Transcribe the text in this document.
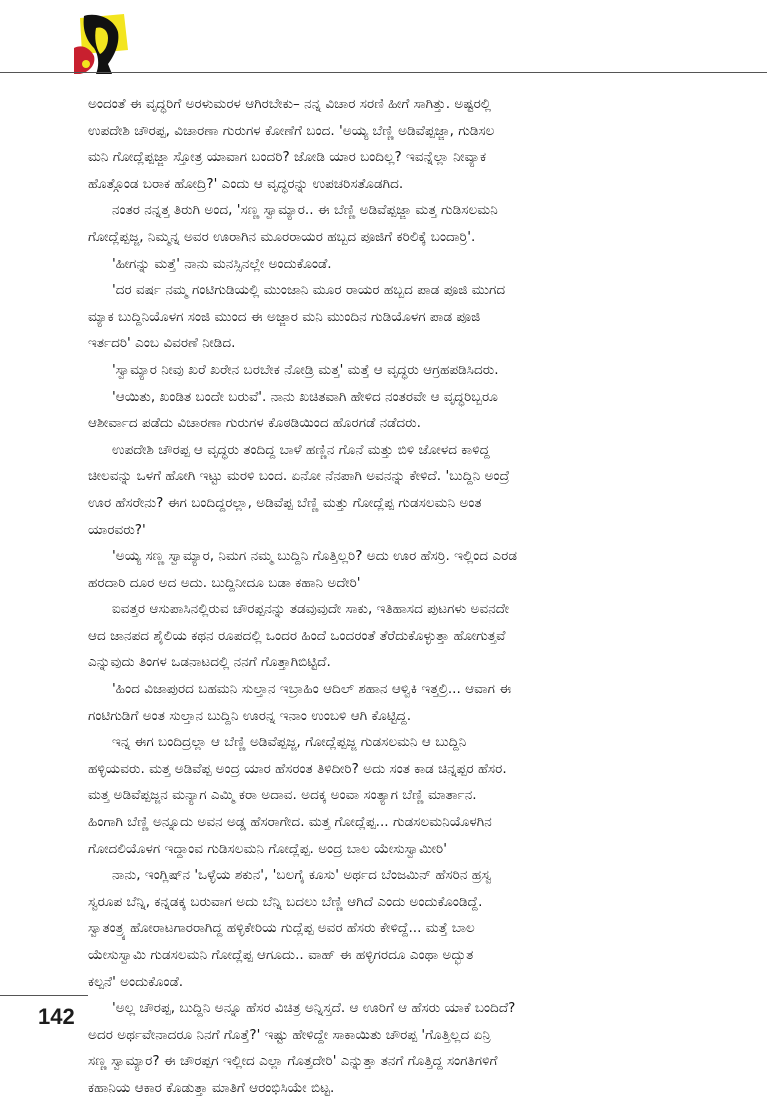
ಅಂದಂತೆ ಈ ವೃದ್ಧರಿಗೆ ಅರಳುಮರಳ ಆಗಿರಬೇಕು– ನನ್ನ ವಿಚಾರ ಸರಣಿ ಹೀಗೆ ಸಾಗಿತ್ತು. ಅಷ್ಟರಲ್ಲಿ
ಉಪದೇಶಿ ಚೌರಪ್ಪ, ವಿಚಾರಣಾ ಗುರುಗಳ ಕೋಣೆಗೆ ಬಂದ. 'ಅಯ್ಯ ಬೆಣ್ಣಿ ಅಡಿವೆಪ್ಪಜ್ಜಾ, ಗುಡಿಸಲ
ಮನಿ ಗೋದ್ಲೆಪ್ಪಜ್ಜಾ ಸ್ತೋತ್ರ ಯಾವಾಗ ಬಂದರಿ? ಜೋಡಿ ಯಾರ ಬಂದಿಲ್ಲ? ಇವನ್ನೆಲ್ಲಾ ನೀವ್ಯಾಕ
ಹೊತ್ಗೊಂಡ ಬರಾಕ ಹೋದ್ರಿ?' ಎಂದು ಆ ವೃದ್ಧರನ್ನು ಉಪಚರಿಸತೊಡಗಿದ.

ನಂತರ ನನ್ನತ್ತ ತಿರುಗಿ ಅಂದ, 'ಸಣ್ಣ ಸ್ವಾಮ್ಯಾರ.. ಈ ಬೆಣ್ಣಿ ಅಡಿವೆಪ್ಪಜ್ಜಾ ಮತ್ತ ಗುಡಿಸಲಮನಿ
ಗೋದ್ಲೆಪ್ಪಜ್ಜ, ನಿಮ್ಮನ್ನ ಅವರ ಊರಾಗಿನ ಮೂರರಾಯರ ಹಬ್ಬದ ಪೂಜಿಗೆ ಕರಿಲಿಕ್ಕೆ ಬಂದಾರ್ರಿ'.

'ಹೀಗನ್ನು ಮತ್ತೆ' ನಾನು ಮನಸ್ಸಿನಲ್ಲೇ ಅಂದುಕೊಂಡೆ.

'ದರ ವರ್ಷ ನಮ್ಮ ಗಂಟಿಗುಡಿಯಲ್ಲಿ ಮುಂಜಾನಿ ಮೂರ ರಾಯರ ಹಬ್ಬದ ಪಾಡ ಪೂಜಿ ಮುಗದ
ಮ್ಯಾಕ ಬುದ್ದಿನಿಯೊಳಗ ಸಂಜಿ ಮುಂದ ಈ ಅಜ್ಜಾರ ಮನಿ ಮುಂದಿನ ಗುಡಿಯೊಳಗ ಪಾಡ ಪೂಜಿ
ಇರ್ತದರಿ' ಎಂಬ ವಿವರಣೆ ನೀಡಿದ.

'ಸ್ವಾಮ್ಯಾರ ನೀವು ಖರೆ ಖರೇನ ಬರಬೇಕ ನೋಡ್ರಿ ಮತ್ತ' ಮತ್ತೆ ಆ ವೃದ್ಧರು ಆಗ್ರಹಪಡಿಸಿದರು.

'ಆಯಿತು, ಖಂಡಿತ ಬಂದೇ ಬರುವೆ'. ನಾನು ಖಚಿತವಾಗಿ ಹೇಳಿದ ನಂತರವೇ ಆ ವೃದ್ಧರಿಬ್ಬರೂ
ಆಶೀರ್ವಾದ ಪಡೆದು ವಿಚಾರಣಾ ಗುರುಗಳ ಕೊಠಡಿಯಿಂದ ಹೊರಗಡೆ ನಡೆದರು.

ಉಪದೇಶಿ ಚೌರಪ್ಪ ಆ ವೃದ್ಧರು ತಂದಿದ್ದ ಬಾಳೆ ಹಣ್ಣಿನ ಗೊನೆ ಮತ್ತು ಬಿಳಿ ಜೋಳದ ಕಾಳಿದ್ದ
ಚೀಲವನ್ನು ಒಳಗೆ ಹೋಗಿ ಇಟ್ಟು ಮರಳಿ ಬಂದ. ಏನೋ ನೆನಪಾಗಿ ಅವನನ್ನು ಕೇಳಿದೆ. 'ಬುದ್ದಿನಿ ಅಂದ್ರೆ
ಊರ ಹೆಸರೇನು? ಈಗ ಬಂದಿದ್ದರಲ್ಲಾ, ಅಡಿವೆಪ್ಪ ಬೆಣ್ಣಿ ಮತ್ತು ಗೋದ್ಲೆಪ್ಪ ಗುಡಸಲಮನಿ ಅಂತ
ಯಾರವರು?'

'ಅಯ್ಯ ಸಣ್ಣ ಸ್ವಾಮ್ಯಾರ, ನಿಮಗ ನಮ್ಮ ಬುದ್ದಿನಿ ಗೊತ್ತಿಲ್ಲರಿ? ಅದು ಊರ ಹೆಸರ್ರಿ. ಇಲ್ಲಿಂದ ಎರಡ
ಹರದಾರಿ ದೂರ ಅದ ಅದು. ಬುದ್ದಿನೀದೂ ಬಡಾ ಕಹಾನಿ ಅದೇರಿ'

ಐವತ್ತರ ಆಸುಪಾಸಿನಲ್ಲಿರುವ ಚೌರಪ್ಪನನ್ನು ತಡವುವುದೇ ಸಾಕು, ಇತಿಹಾಸದ ಪುಟಗಳು ಅವನದೇ
ಆದ ಜಾನಪದ ಶೈಲಿಯ ಕಥನ ರೂಪದಲ್ಲಿ ಒಂದರ ಹಿಂದೆ ಒಂದರಂತೆ ತೆರೆದುಕೊಳ್ಳುತ್ತಾ ಹೋಗುತ್ತವೆ
ಎನ್ನುವುದು ತಿಂಗಳ ಒಡನಾಟದಲ್ಲಿ ನನಗೆ ಗೊತ್ತಾಗಿಬಿಟ್ಟಿದೆ.

'ಹಿಂದ ವಿಜಾಪುರದ ಬಹಮನಿ ಸುಲ್ತಾನ ಇಬ್ರಾಹಿಂ ಆದಿಲ್ ಶಹಾನ ಆಳ್ವಿಕಿ ಇತ್ತಲ್ರಿ... ಆವಾಗ ಈ
ಗಂಟಿಗುಡಿಗೆ ಅಂತ ಸುಲ್ತಾನ ಬುದ್ದಿನಿ ಊರನ್ನ ಇನಾಂ ಉಂಬಳಿ ಆಗಿ ಕೊಟ್ಟಿದ್ದ.

ಇನ್ನ ಈಗ ಬಂದಿದ್ರಲ್ಲಾ ಆ ಬೆಣ್ಣಿ ಅಡಿವೆಪ್ಪಜ್ಜ, ಗೋದ್ಲೆಪ್ಪಜ್ಜ ಗುಡಸಲಮನಿ ಆ ಬುದ್ದಿನಿ
ಹಳ್ಳಿಯವರು. ಮತ್ತ ಅಡಿವೆಪ್ಪ ಅಂದ್ರ ಯಾರ ಹೆಸರಂತ ತಿಳಿದೀರಿ? ಅದು ಸಂತ ಕಾಡ ಚಿನ್ನಪ್ಪರ ಹೆಸರ.
ಮತ್ತ ಅಡಿವೆಪ್ಪಜ್ಜನ ಮನ್ಯಾಗ ಎಮ್ಮಿ ಕರಾ ಅದಾವ. ಅದಕ್ಕ ಅಂವಾ ಸಂತ್ಯಾಗ ಬೆಣ್ಣಿ ಮಾರ್ತಾನ.
ಹಿಂಗಾಗಿ ಬೆಣ್ಣಿ ಅನ್ನೂದು ಅವನ ಅಡ್ಡ ಹೆಸರಾಗೇದ. ಮತ್ತ ಗೋದ್ಲೆಪ್ಪ... ಗುಡಸಲಮನಿಯೊಳಗಿನ
ಗೋದಲಿಯೊಳಗ ಇದ್ದಾಂವ ಗುಡಿಸಲಮನಿ ಗೋದ್ಲೆಪ್ಪ. ಅಂದ್ರ ಬಾಲ ಯೇಸುಸ್ವಾಮೀರಿ'

ನಾನು, ಇಂಗ್ಲಿಷ್‌ನ 'ಒಳ್ಳೆಯ ಶಕುನ', 'ಬಲಗೈ ಕೂಸು' ಅರ್ಥದ ಬೆಂಜಮಿನ್ ಹೆಸರಿನ ಹ್ರಸ್ವ
ಸ್ವರೂಪ ಬೆನ್ನಿ, ಕನ್ನಡಕ್ಕ ಬರುವಾಗ ಅದು ಬೆನ್ನಿ ಬದಲು ಬೆಣ್ಣಿ ಆಗಿದೆ ಎಂದು ಅಂದುಕೊಂಡಿದ್ದೆ.
ಸ್ವಾತಂತ್ರ್ಯ ಹೋರಾಟಗಾರರಾಗಿದ್ದ ಹಳ್ಳಿಕೇರಿಯ ಗುದ್ಲೆಪ್ಪ ಅವರ ಹೆಸರು ಕೇಳಿದ್ದೆ... ಮತ್ತೆ ಬಾಲ
ಯೇಸುಸ್ವಾಮಿ ಗುಡಸಲಮನಿ ಗೋದ್ಲೆಪ್ಪ ಆಗೂದು.. ವಾಹ್ ಈ ಹಳ್ಳಿಗರದೂ ಎಂಥಾ ಅದ್ಭುತ
ಕಲ್ಪನೆ' ಅಂದುಕೊಂಡೆ.

'ಅಲ್ಲ ಚೌರಪ್ಪ, ಬುದ್ದಿನಿ ಅನ್ನೂ ಹೆಸರ ವಿಚಿತ್ರ ಅನ್ನಿಸ್ತದೆ. ಆ ಊರಿಗೆ ಆ ಹೆಸರು ಯಾಕೆ ಬಂದಿದೆ?
ಅದರ ಅರ್ಥವೇನಾದರೂ ನಿನಗೆ ಗೊತ್ತೆ?' ಇಷ್ಟು ಹೇಳಿದ್ದೇ ಸಾಕಾಯಿತು ಚೌರಪ್ಪ 'ಗೊತ್ತಿಲ್ಲದ ಏನ್ರಿ
ಸಣ್ಣ ಸ್ವಾಮ್ಯಾರ? ಈ ಚೌರಪ್ಪಗ ಇಲ್ಲೀದ ಎಲ್ಲಾ ಗೊತ್ತದೇರಿ' ಎನ್ನುತ್ತಾ ತನಗೆ ಗೊತ್ತಿದ್ದ ಸಂಗತಿಗಳಿಗೆ
ಕಹಾನಿಯ ಆಕಾರ ಕೊಡುತ್ತಾ ಮಾತಿಗೆ ಆರಂಭಿಸಿಯೇ ಬಿಟ್ಟ.

142
